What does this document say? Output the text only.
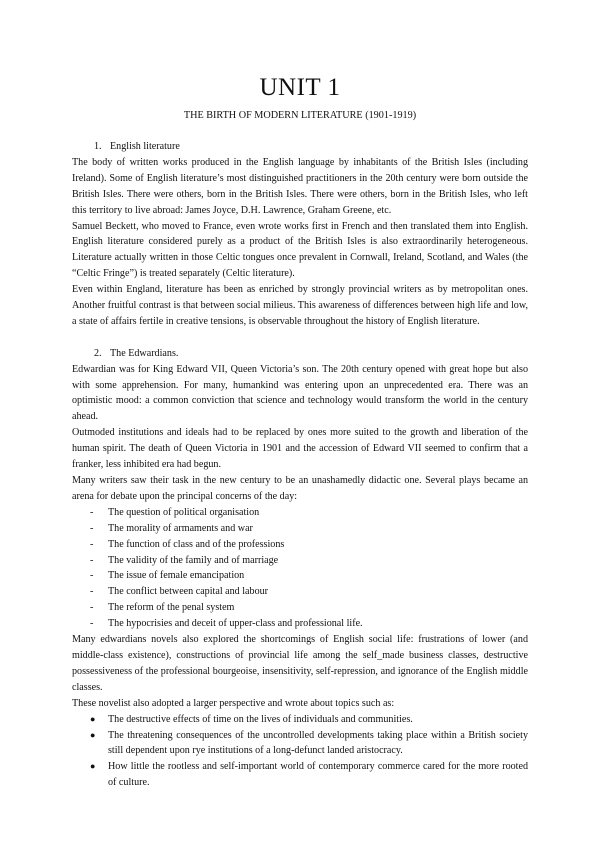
UNIT 1
THE BIRTH OF MODERN LITERATURE (1901-1919)
1. English literature

The body of written works produced in the English language by inhabitants of the British Isles (including Ireland). Some of English literature’s most distinguished practitioners in the 20th century were born outside the British Isles. There were others, born in the British Isles. There were others, born in the British Isles, who left this territory to live abroad: James Joyce, D.H. Lawrence, Graham Greene, etc.

Samuel Beckett, who moved to France, even wrote works first in French and then translated them into English. English literature considered purely as a product of the British Isles is also extraordinarily heterogeneous. Literature actually written in those Celtic tongues once prevalent in Cornwall, Ireland, Scotland, and Wales (the “Celtic Fringe”) is treated separately (Celtic literature).

Even within England, literature has been as enriched by strongly provincial writers as by metropolitan ones. Another fruitful contrast is that between social milieus. This awareness of differences between high life and low, a state of affairs fertile in creative tensions, is observable throughout the history of English literature.

2. The Edwardians.

Edwardian was for King Edward VII, Queen Victoria’s son. The 20th century opened with great hope but also with some apprehension. For many, humankind was entering upon an unprecedented era. There was an optimistic mood: a common conviction that science and technology would transform the world in the century ahead.

Outmoded institutions and ideals had to be replaced by ones more suited to the growth and liberation of the human spirit. The death of Queen Victoria in 1901 and the accession of Edward VII seemed to confirm that a franker, less inhibited era had begun.

Many writers saw their task in the new century to be an unashamedly didactic one. Several plays became an arena for debate upon the principal concerns of the day:

-	The question of political organisation
-	The morality of armaments and war
-	The function of class and of the professions
-	The validity of the family and of marriage
-	The issue of female emancipation
-	The conflict between capital and labour
-	The reform of the penal system
-	The hypocrisies and deceit of upper-class and professional life.

Many edwardians novels also explored the shortcomings of English social life: frustrations of lower (and middle-class existence), constructions of provincial life among the self_made business classes, destructive possessiveness of the professional bourgeoise, insensitivity, self-repression, and ignorance of the English middle classes.

These novelist also adopted a larger perspective and wrote about topics such as:

●	The destructive effects of time on the lives of individuals and communities.
●	The threatening consequences of the uncontrolled developments taking place within a British society still dependent upon rye institutions of a long-defunct landed aristocracy.
●	How little the rootless and self-important world of contemporary commerce cared for the more rooted of culture.
